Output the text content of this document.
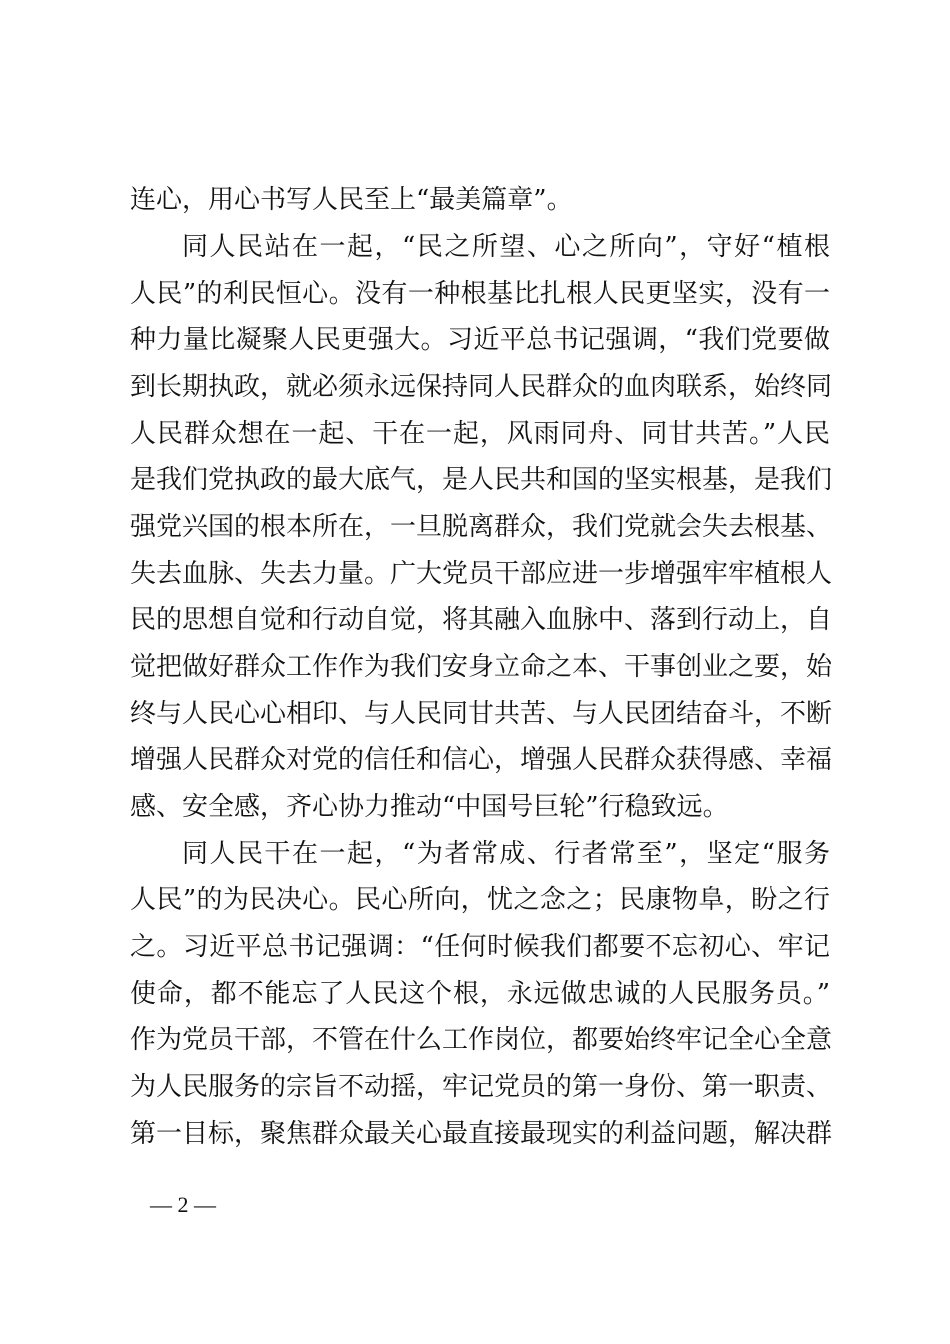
连心，用心书写人民至上“最美篇章”。
同人民站在一起，“民之所望、心之所向”，守好“植根
人民”的利民恒心。没有一种根基比扎根人民更坚实，没有一
种力量比凝聚人民更强大。习近平总书记强调，“我们党要做
到长期执政，就必须永远保持同人民群众的血肉联系，始终同
人民群众想在一起、干在一起，风雨同舟、同甘共苦。”人民
是我们党执政的最大底气，是人民共和国的坚实根基，是我们
强党兴国的根本所在，一旦脱离群众，我们党就会失去根基、
失去血脉、失去力量。广大党员干部应进一步增强牢牢植根人
民的思想自觉和行动自觉，将其融入血脉中、落到行动上，自
觉把做好群众工作作为我们安身立命之本、干事创业之要，始
终与人民心心相印、与人民同甘共苦、与人民团结奋斗，不断
增强人民群众对党的信任和信心，增强人民群众获得感、幸福
感、安全感，齐心协力推动“中国号巨轮”行稳致远。
同人民干在一起，“为者常成、行者常至”，坚定“服务
人民”的为民决心。民心所向，忧之念之；民康物阜，盼之行
之。习近平总书记强调：“任何时候我们都要不忘初心、牢记
使命，都不能忘了人民这个根，永远做忠诚的人民服务员。”
作为党员干部，不管在什么工作岗位，都要始终牢记全心全意
为人民服务的宗旨不动摇，牢记党员的第一身份、第一职责、
第一目标，聚焦群众最关心最直接最现实的利益问题，解决群
— 2 —
